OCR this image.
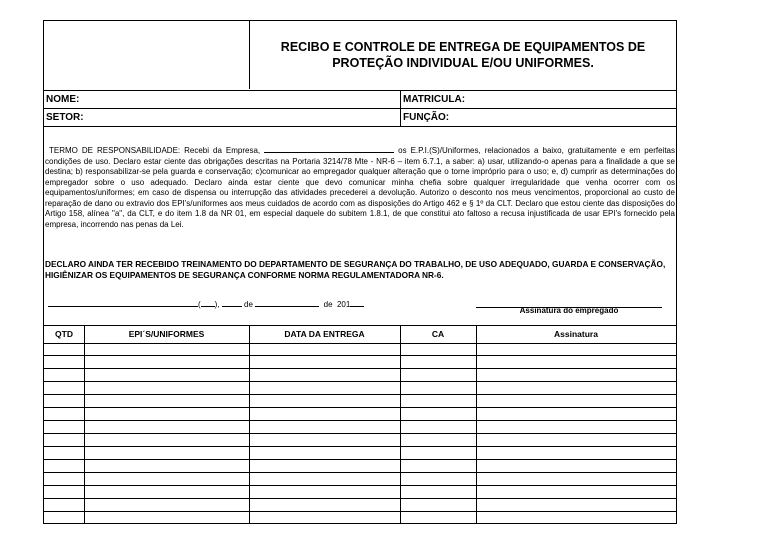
RECIBO E CONTROLE DE ENTREGA DE EQUIPAMENTOS DE
PROTEÇÃO INDIVIDUAL E/OU UNIFORMES.
NOME:	MATRICULA:
SETOR:	FUNÇÃO:

TERMO DE RESPONSABILIDADE: Recebi da Empresa,	os E.P.I.(S)/Uniformes, relacionados a baixo, gratuitamente e em perfeitas condições de uso. Declaro estar ciente das obrigações descritas na Portaria 3214/78 Mte - NR-6 – item 6.7.1, a saber: a) usar, utilizando-o apenas para a finalidade a que se destina; b) responsabilizar-se pela guarda e conservação; c)comunicar ao empregador qualquer alteração que o torne impróprio para o uso; e, d) cumprir as determinações do empregador sobre o uso adequado. Declaro ainda estar ciente que devo comunicar minha chefia sobre qualquer irregularidade que venha ocorrer com os equipamentos/uniformes; em caso de dispensa ou interrupção das atividades precederei a devolução. Autorizo o desconto nos meus vencimentos, proporcional ao custo de reparação de dano ou extravio dos EPI's/uniformes aos meus cuidados de acordo com as disposições do Artigo 462 e § 1º da CLT. Declaro que estou ciente das disposições do Artigo 158, alínea "a", da CLT, e do item 1.8 da NR 01, em especial daquele do subitem 1.8.1, de que constitui ato faltoso a recusa injustificada de usar EPI's fornecido pela empresa, incorrendo nas penas da Lei.

DECLARO AINDA TER RECEBIDO TREINAMENTO DO DEPARTAMENTO DE SEGURANÇA DO TRABALHO, DE USO ADEQUADO, GUARDA E CONSERVAÇÃO, HIGIÊNIZAR OS EQUIPAMENTOS DE SEGURANÇA CONFORME NORMA REGULAMENTADORA NR-6.

( ),	de	de 201
Assinatura do empregado
QTD	EPI´S/UNIFORMES	DATA DA ENTREGA	CA	Assinatura
